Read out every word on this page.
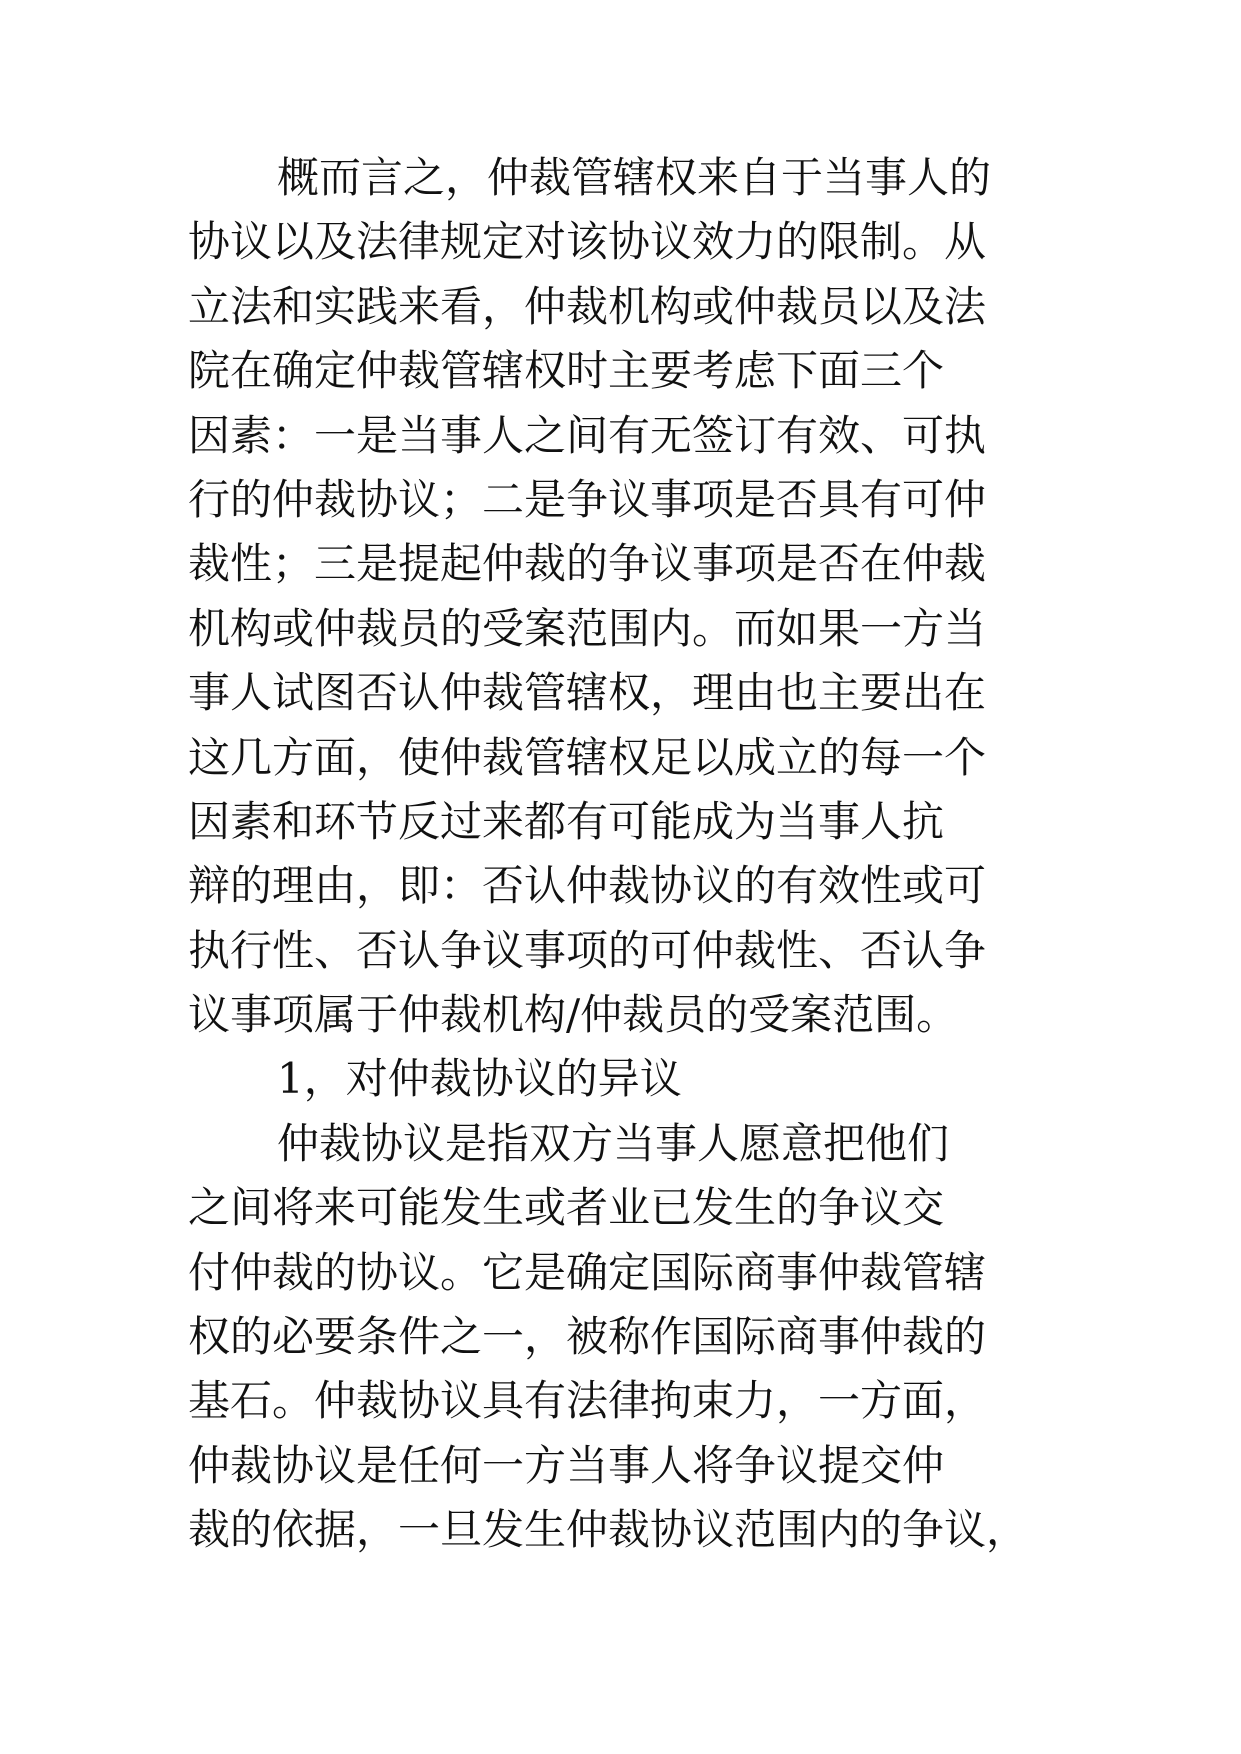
概而言之，仲裁管辖权来自于当事人的
协议以及法律规定对该协议效力的限制。从
立法和实践来看，仲裁机构或仲裁员以及法
院在确定仲裁管辖权时主要考虑下面三个
因素：一是当事人之间有无签订有效、可执
行的仲裁协议；二是争议事项是否具有可仲
裁性；三是提起仲裁的争议事项是否在仲裁
机构或仲裁员的受案范围内。而如果一方当
事人试图否认仲裁管辖权，理由也主要出在
这几方面，使仲裁管辖权足以成立的每一个
因素和环节反过来都有可能成为当事人抗
辩的理由，即：否认仲裁协议的有效性或可
执行性、否认争议事项的可仲裁性、否认争
议事项属于仲裁机构/仲裁员的受案范围。
1，对仲裁协议的异议
仲裁协议是指双方当事人愿意把他们
之间将来可能发生或者业已发生的争议交
付仲裁的协议。它是确定国际商事仲裁管辖
权的必要条件之一，被称作国际商事仲裁的
基石。仲裁协议具有法律拘束力，一方面，
仲裁协议是任何一方当事人将争议提交仲
裁的依据，一旦发生仲裁协议范围内的争议，
